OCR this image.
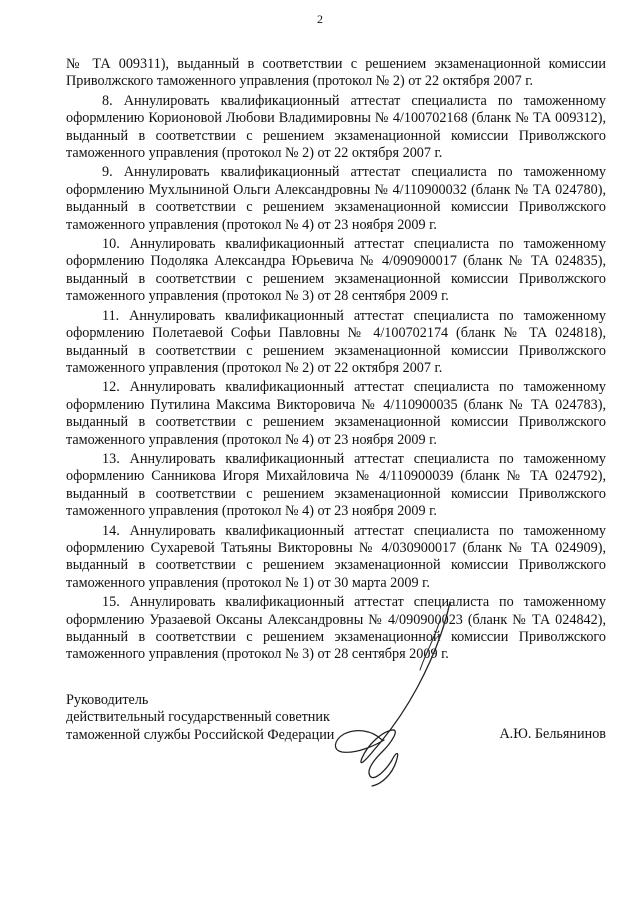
2

№ ТА 009311), выданный в соответствии с решением экзаменационной комиссии Приволжского таможенного управления (протокол № 2) от 22 октября 2007 г.

8. Аннулировать квалификационный аттестат специалиста по таможенному оформлению Корионовой Любови Владимировны № 4/100702168 (бланк № ТА 009312), выданный в соответствии с решением экзаменационной комиссии Приволжского таможенного управления (протокол № 2) от 22 октября 2007 г.

9. Аннулировать квалификационный аттестат специалиста по таможенному оформлению Мухлыниной Ольги Александровны № 4/110900032 (бланк № ТА 024780), выданный в соответствии с решением экзаменационной комиссии Приволжского таможенного управления (протокол № 4) от 23 ноября 2009 г.

10. Аннулировать квалификационный аттестат специалиста по таможенному оформлению Подоляка Александра Юрьевича № 4/090900017 (бланк № ТА 024835), выданный в соответствии с решением экзаменационной комиссии Приволжского таможенного управления (протокол № 3) от 28 сентября 2009 г.

11. Аннулировать квалификационный аттестат специалиста по таможенному оформлению Полетаевой Софьи Павловны № 4/100702174 (бланк № ТА 024818), выданный в соответствии с решением экзаменационной комиссии Приволжского таможенного управления (протокол № 2) от 22 октября 2007 г.

12. Аннулировать квалификационный аттестат специалиста по таможенному оформлению Путилина Максима Викторовича № 4/110900035 (бланк № ТА 024783), выданный в соответствии с решением экзаменационной комиссии Приволжского таможенного управления (протокол № 4) от 23 ноября 2009 г.

13. Аннулировать квалификационный аттестат специалиста по таможенному оформлению Санникова Игоря Михайловича № 4/110900039 (бланк № ТА 024792), выданный в соответствии с решением экзаменационной комиссии Приволжского таможенного управления (протокол № 4) от 23 ноября 2009 г.

14. Аннулировать квалификационный аттестат специалиста по таможенному оформлению Сухаревой Татьяны Викторовны № 4/030900017 (бланк № ТА 024909), выданный в соответствии с решением экзаменационной комиссии Приволжского таможенного управления (протокол № 1) от 30 марта 2009 г.

15. Аннулировать квалификационный аттестат специалиста по таможенному оформлению Уразаевой Оксаны Александровны № 4/090900023 (бланк № ТА 024842), выданный в соответствии с решением экзаменационной комиссии Приволжского таможенного управления (протокол № 3) от 28 сентября 2009 г.

Руководитель
действительный государственный советник
таможенной службы Российской Федерации	А.Ю. Бельянинов
